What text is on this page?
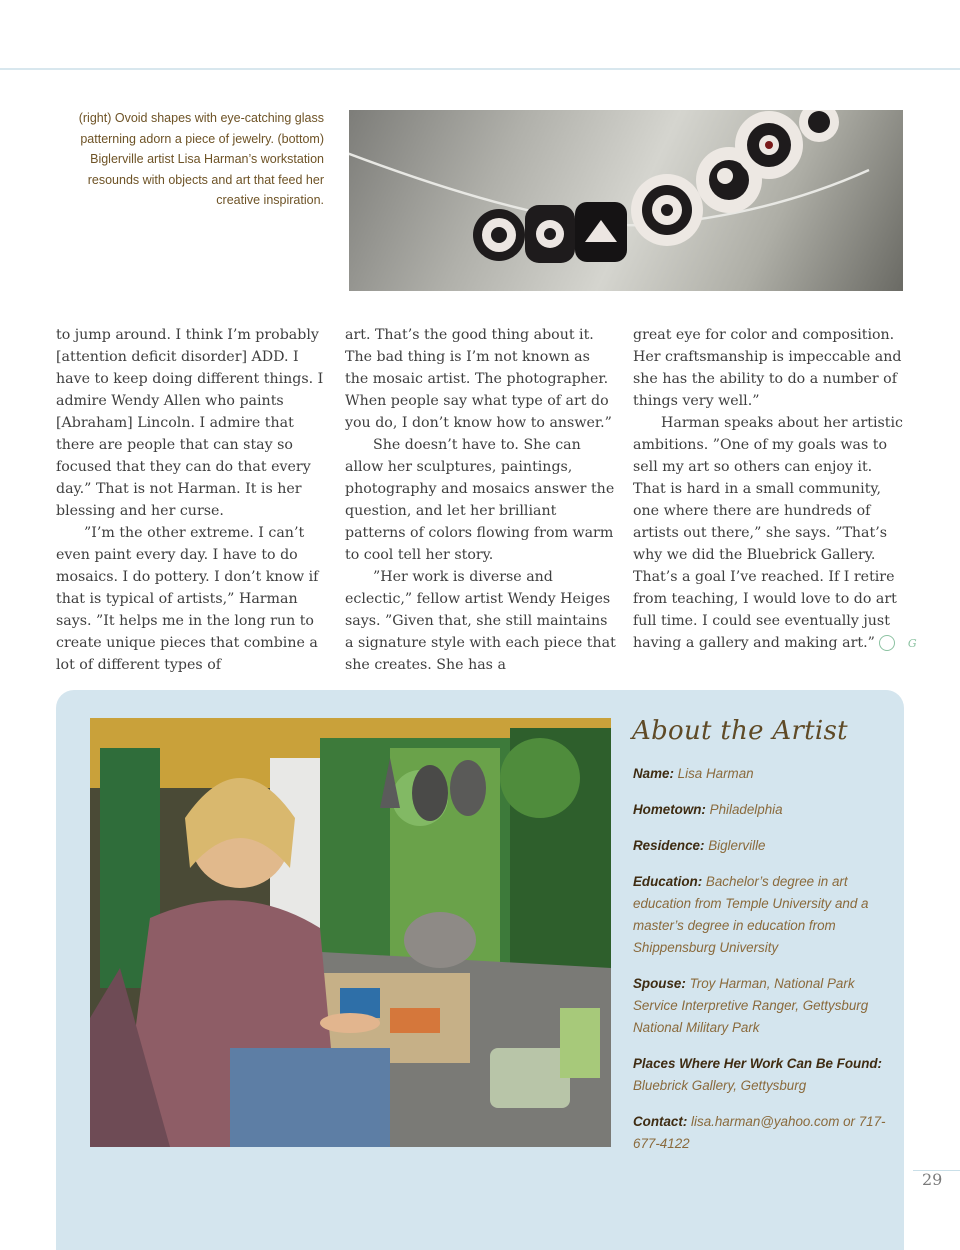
(right) Ovoid shapes with eye-catching glass patterning adorn a piece of jewelry. (bottom) Biglerville artist Lisa Harman’s workstation resounds with objects and art that feed her creative inspiration.

to jump around. I think I’m probably [attention deficit disorder] ADD. I have to keep doing different things. I admire Wendy Allen who paints [Abraham] Lincoln. I admire that there are people that can stay so focused that they can do that every day.” That is not Harman. It is her blessing and her curse.

”I’m the other extreme. I can’t even paint every day. I have to do mosaics. I do pottery. I don’t know if that is typical of artists,” Harman says. ”It helps me in the long run to create unique pieces that combine a lot of different types of

art. That’s the good thing about it. The bad thing is I’m not known as the mosaic artist. The photographer. When people say what type of art do you do, I don’t know how to answer.”

She doesn’t have to. She can allow her sculptures, paintings, photography and mosaics answer the question, and let her brilliant patterns of colors flowing from warm to cool tell her story.

”Her work is diverse and eclectic,” fellow artist Wendy Heiges says. ”Given that, she still maintains a signature style with each piece that she creates. She has a

great eye for color and composition. Her craftsmanship is impeccable and she has the ability to do a number of things very well.”

Harman speaks about her artistic ambitions. ”One of my goals was to sell my art so others can enjoy it. That is hard in a small community, one where there are hundreds of artists out there,” she says. ”That’s why we did the Bluebrick Gallery. That’s a goal I’ve reached. If I retire from teaching, I would love to do art full time. I could see eventually just having a gallery and making art.”	G

About the Artist
Name: Lisa Harman
Hometown: Philadelphia
Residence: Biglerville
Education: Bachelor’s degree in art education from Temple University and a master’s degree in education from Shippensburg University
Spouse: Troy Harman, National Park Service Interpretive Ranger, Gettysburg National Military Park
Places Where Her Work Can Be Found:
Bluebrick Gallery, Gettysburg
Contact: lisa.harman@yahoo.com or 717-677-4122
29
